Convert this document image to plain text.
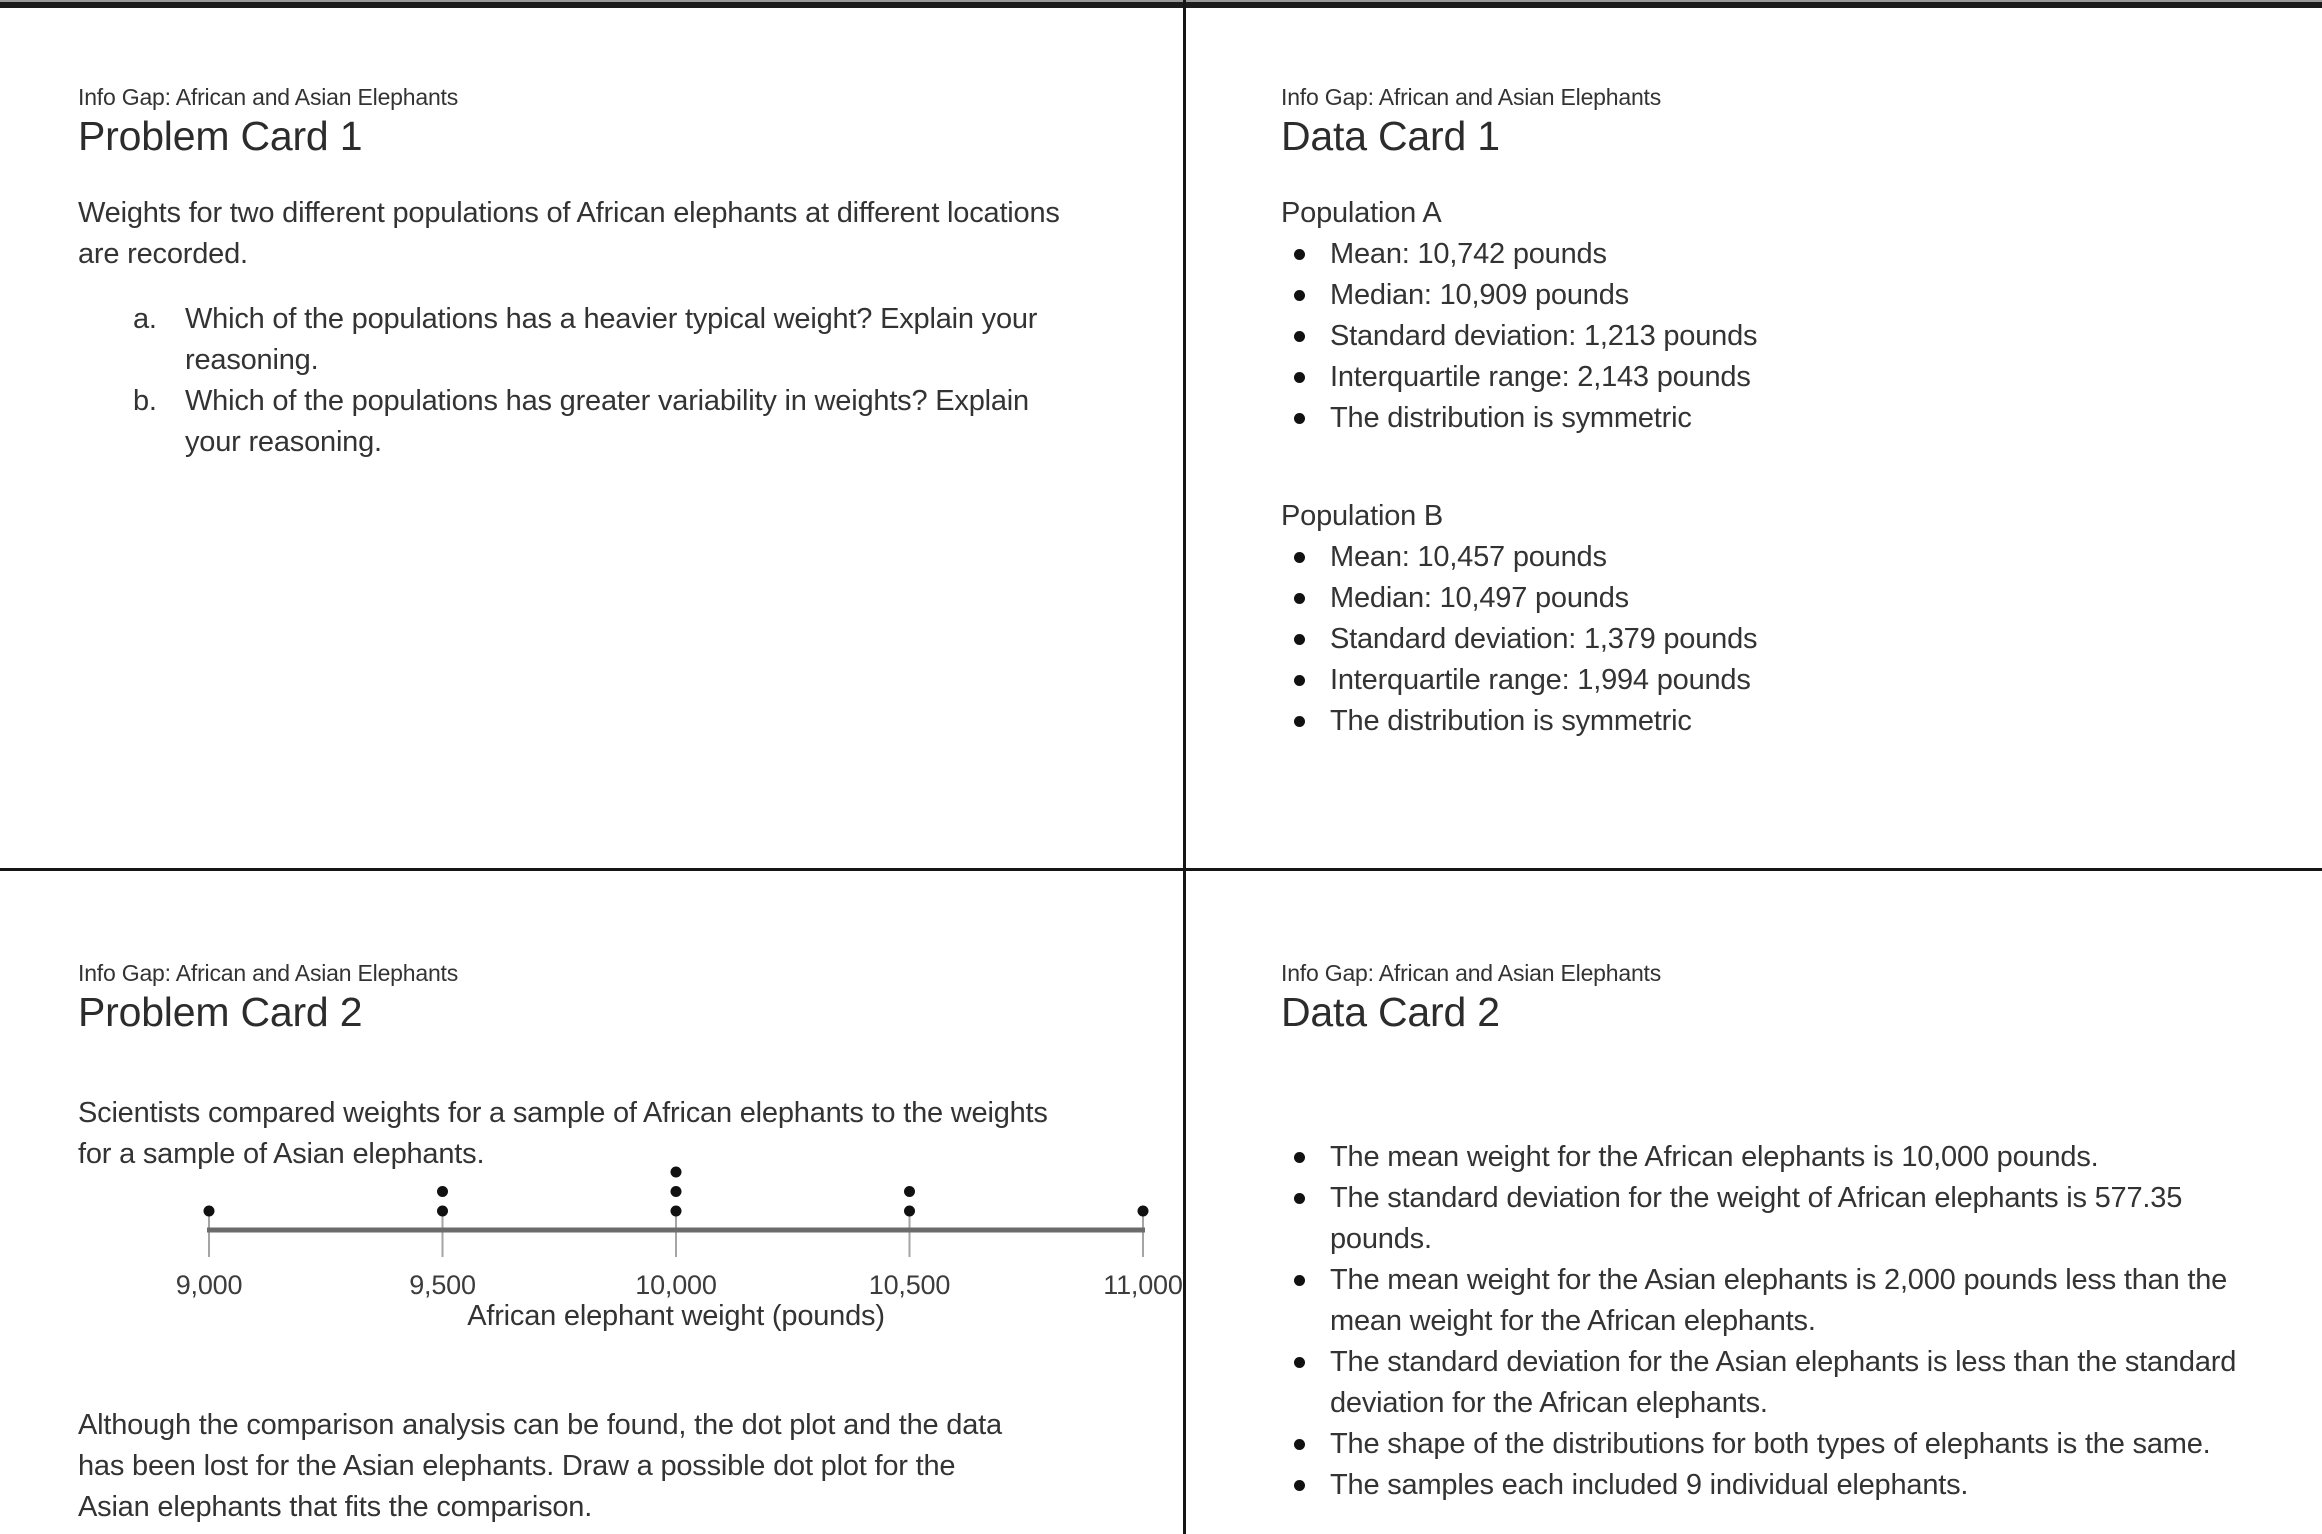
Info Gap: African and Asian Elephants
Problem Card 1

Weights for two different populations of African elephants at different locations are recorded.

a. Which of the populations has a heavier typical weight? Explain your reasoning.
b. Which of the populations has greater variability in weights? Explain your reasoning.
Info Gap: African and Asian Elephants
Data Card 1
Population A
Mean: 10,742 pounds
Median: 10,909 pounds
Standard deviation: 1,213 pounds
Interquartile range: 2,143 pounds
The distribution is symmetric
Population B
Mean: 10,457 pounds
Median: 10,497 pounds
Standard deviation: 1,379 pounds
Interquartile range: 1,994 pounds
The distribution is symmetric
Info Gap: African and Asian Elephants
Problem Card 2

Scientists compared weights for a sample of African elephants to the weights for a sample of Asian elephants.

9,000	9,500	10,000	10,500	11,000
African elephant weight (pounds)

Although the comparison analysis can be found, the dot plot and the data has been lost for the Asian elephants. Draw a possible dot plot for the Asian elephants that fits the comparison.

Info Gap: African and Asian Elephants
Data Card 2
The mean weight for the African elephants is 10,000 pounds.
The standard deviation for the weight of African elephants is 577.35 pounds.
The mean weight for the Asian elephants is 2,000 pounds less than the mean weight for the African elephants.
The standard deviation for the Asian elephants is less than the standard deviation for the African elephants.
The shape of the distributions for both types of elephants is the same.
The samples each included 9 individual elephants.
